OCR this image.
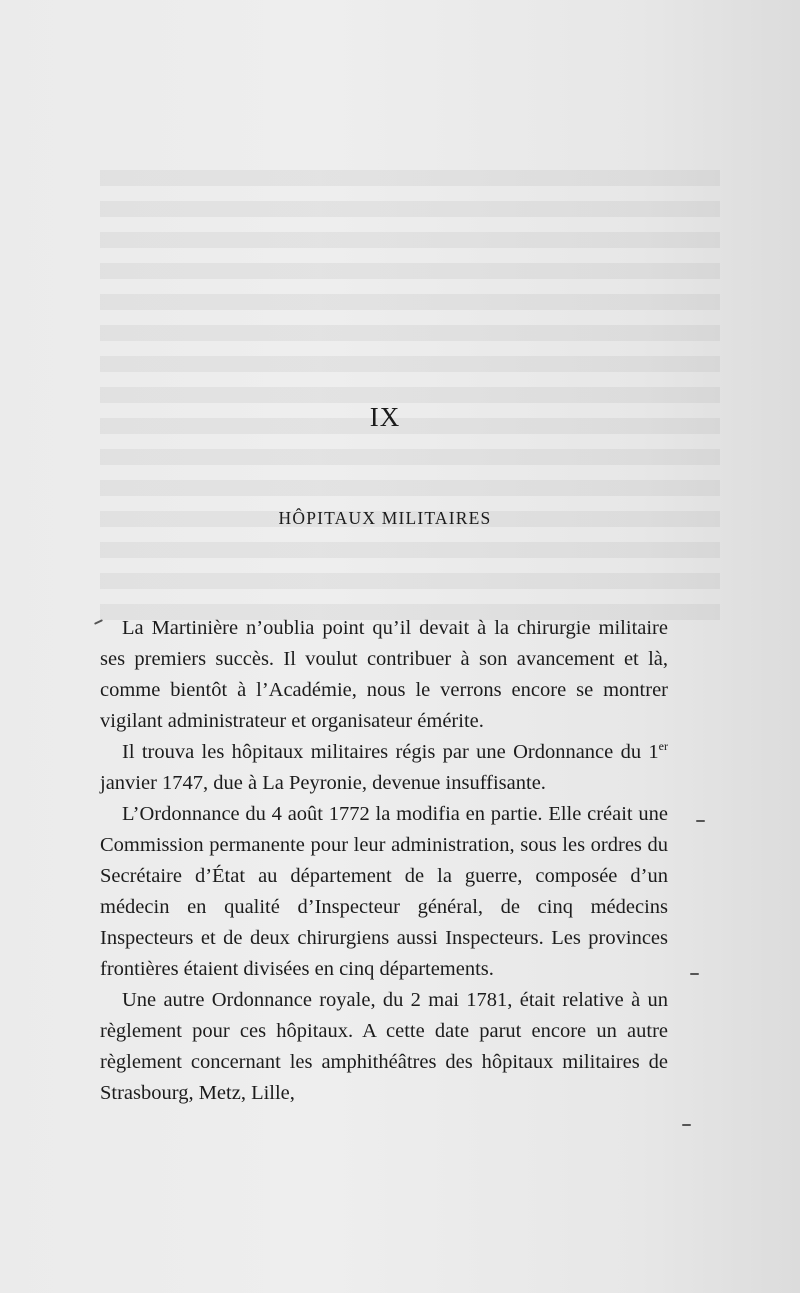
IX
HÔPITAUX MILITAIRES

La Martinière n’oublia point qu’il devait à la chirurgie militaire ses premiers succès. Il voulut contribuer à son avancement et là, comme bientôt à l’Académie, nous le verrons encore se montrer vigilant administrateur et organisateur émérite.

Il trouva les hôpitaux militaires régis par une Ordonnance du 1er janvier 1747, due à La Peyronie, devenue insuffisante.

L’Ordonnance du 4 août 1772 la modifia en partie. Elle créait une Commission permanente pour leur administration, sous les ordres du Secrétaire d’État au département de la guerre, composée d’un médecin en qualité d’Inspecteur général, de cinq médecins Inspecteurs et de deux chirurgiens aussi Inspecteurs. Les provinces frontières étaient divisées en cinq départements.

Une autre Ordonnance royale, du 2 mai 1781, était relative à un règlement pour ces hôpitaux. A cette date parut encore un autre règlement concernant les amphithéâtres des hôpitaux militaires de Strasbourg, Metz, Lille,
